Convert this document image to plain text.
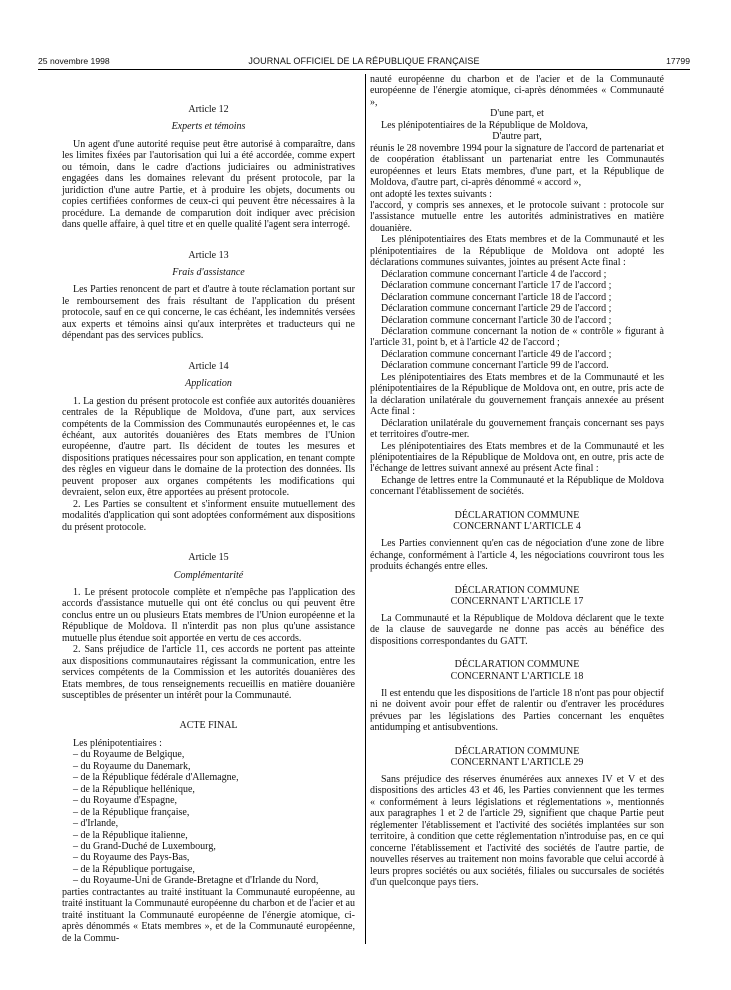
25 novembre 1998	JOURNAL OFFICIEL DE LA RÉPUBLIQUE FRANÇAISE	17799
Article 12
Experts et témoins

Un agent d'une autorité requise peut être autorisé à comparaître, dans les limites fixées par l'autorisation qui lui a été accordée, comme expert ou témoin, dans le cadre d'actions judiciaires ou administratives engagées dans les domaines relevant du présent protocole, par la juridiction d'une autre Partie, et à produire les objets, documents ou copies certifiées conformes de ceux-ci qui peuvent être nécessaires à la procédure. La demande de comparution doit indiquer avec précision dans quelle affaire, à quel titre et en quelle qualité l'agent sera interrogé.

Article 13
Frais d'assistance

Les Parties renoncent de part et d'autre à toute réclamation portant sur le remboursement des frais résultant de l'application du présent protocole, sauf en ce qui concerne, le cas échéant, les indemnités versées aux experts et témoins ainsi qu'aux interprètes et traducteurs qui ne dépendant pas des services publics.

Article 14
Application

1. La gestion du présent protocole est confiée aux autorités douanières centrales de la République de Moldova, d'une part, aux services compétents de la Commission des Communautés européennes et, le cas échéant, aux autorités douanières des Etats membres de l'Union européenne, d'autre part. Ils décident de toutes les mesures et dispositions pratiques nécessaires pour son application, en tenant compte des règles en vigueur dans le domaine de la protection des données. Ils peuvent proposer aux organes compétents les modifications qui devraient, selon eux, être apportées au présent protocole.

2. Les Parties se consultent et s'informent ensuite mutuellement des modalités d'application qui sont adoptées conformément aux dispositions du présent protocole.

Article 15
Complémentarité

1. Le présent protocole complète et n'empêche pas l'application des accords d'assistance mutuelle qui ont été conclus ou qui peuvent être conclus entre un ou plusieurs Etats membres de l'Union européenne et la République de Moldova. Il n'interdit pas non plus qu'une assistance mutuelle plus étendue soit apportée en vertu de ces accords.

2. Sans préjudice de l'article 11, ces accords ne portent pas atteinte aux dispositions communautaires régissant la communication, entre les services compétents de la Commission et les autorités douanières des Etats membres, de tous renseignements recueillis en matière douanière susceptibles de présenter un intérêt pour la Communauté.

ACTE FINAL

Les plénipotentiaires :

– du Royaume de Belgique,
– du Royaume du Danemark,
– de la République fédérale d'Allemagne,
– de la République hellénique,
– du Royaume d'Espagne,
– de la République française,
– d'Irlande,
– de la République italienne,
– du Grand-Duché de Luxembourg,
– du Royaume des Pays-Bas,
– de la République portugaise,
– du Royaume-Uni de Grande-Bretagne et d'Irlande du Nord,

parties contractantes au traité instituant la Communauté européenne, au traité instituant la Communauté européenne du charbon et de l'acier et au traité instituant la Communauté européenne de l'énergie atomique, ci-après dénommés « Etats membres », et de la Communauté européenne, de la Commu-

nauté européenne du charbon et de l'acier et de la Communauté européenne de l'énergie atomique, ci-après dénommées « Communauté »,

D'une part, et

Les plénipotentiaires de la République de Moldova,

D'autre part,

réunis le 28 novembre 1994 pour la signature de l'accord de partenariat et de coopération établissant un partenariat entre les Communautés européennes et leurs Etats membres, d'une part, et la République de Moldova, d'autre part, ci-après dénommé « accord »,

ont adopté les textes suivants :

l'accord, y compris ses annexes, et le protocole suivant : protocole sur l'assistance mutuelle entre les autorités administratives en matière douanière.

Les plénipotentiaires des Etats membres et de la Communauté et les plénipotentiaires de la République de Moldova ont adopté les déclarations communes suivantes, jointes au présent Acte final :

Déclaration commune concernant l'article 4 de l'accord ;
Déclaration commune concernant l'article 17 de l'accord ;
Déclaration commune concernant l'article 18 de l'accord ;
Déclaration commune concernant l'article 29 de l'accord ;
Déclaration commune concernant l'article 30 de l'accord ;
Déclaration commune concernant la notion de « contrôle » figurant à l'article 31, point b, et à l'article 42 de l'accord ;
Déclaration commune concernant l'article 49 de l'accord ;
Déclaration commune concernant l'article 99 de l'accord.

Les plénipotentiaires des Etats membres et de la Communauté et les plénipotentiaires de la République de Moldova ont, en outre, pris acte de la déclaration unilatérale du gouvernement français annexée au présent Acte final :

Déclaration unilatérale du gouvernement français concernant ses pays et territoires d'outre-mer.

Les plénipotentiaires des Etats membres et de la Communauté et les plénipotentiaires de la République de Moldova ont, en outre, pris acte de l'échange de lettres suivant annexé au présent Acte final :

Echange de lettres entre la Communauté et la République de Moldova concernant l'établissement de sociétés.

DÉCLARATION COMMUNE
CONCERNANT L'ARTICLE 4

Les Parties conviennent qu'en cas de négociation d'une zone de libre échange, conformément à l'article 4, les négociations couvriront tous les produits échangés entre elles.

DÉCLARATION COMMUNE
CONCERNANT L'ARTICLE 17

La Communauté et la République de Moldova déclarent que le texte de la clause de sauvegarde ne donne pas accès au bénéfice des dispositions correspondantes du GATT.

DÉCLARATION COMMUNE
CONCERNANT L'ARTICLE 18

Il est entendu que les dispositions de l'article 18 n'ont pas pour objectif ni ne doivent avoir pour effet de ralentir ou d'entraver les procédures prévues par les législations des Parties concernant les enquêtes antidumping et antisubventions.

DÉCLARATION COMMUNE
CONCERNANT L'ARTICLE 29

Sans préjudice des réserves énumérées aux annexes IV et V et des dispositions des articles 43 et 46, les Parties conviennent que les termes « conformément à leurs législations et réglementations », mentionnés aux paragraphes 1 et 2 de l'article 29, signifient que chaque Partie peut réglementer l'établissement et l'activité des sociétés implantées sur son territoire, à condition que cette réglementation n'introduise pas, en ce qui concerne l'établissement et l'activité des sociétés de l'autre partie, de nouvelles réserves au traitement non moins favorable que celui accordé à leurs propres sociétés ou aux sociétés, filiales ou succursales de sociétés d'un quelconque pays tiers.
